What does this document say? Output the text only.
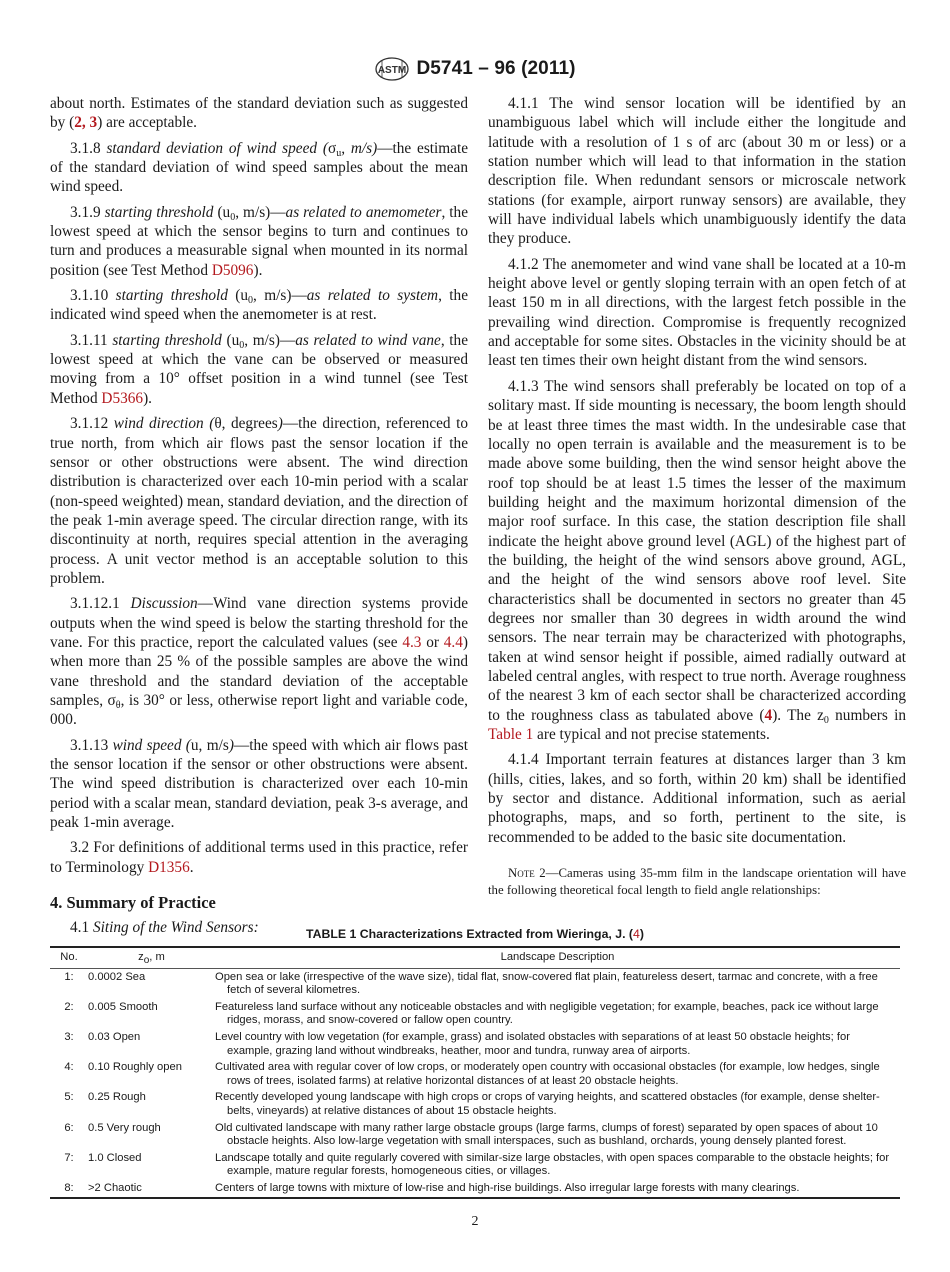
ASTM D5741 – 96 (2011)

about north. Estimates of the standard deviation such as suggested by (2, 3) are acceptable.

3.1.8 standard deviation of wind speed ($\sigma_u$, m/s)—the estimate of the standard deviation of wind speed samples about the mean wind speed.

3.1.9 starting threshold ($u_0$, m/s)—as related to anemometer, the lowest speed at which the sensor begins to turn and continues to turn and produces a measurable signal when mounted in its normal position (see Test Method D5096).

3.1.10 starting threshold ($u_0$, m/s)—as related to system, the indicated wind speed when the anemometer is at rest.

3.1.11 starting threshold ($u_0$, m/s)—as related to wind vane, the lowest speed at which the vane can be observed or measured moving from a 10° offset position in a wind tunnel (see Test Method D5366).

3.1.12 wind direction (θ, degrees)—the direction, referenced to true north, from which air flows past the sensor location if the sensor or other obstructions were absent. The wind direction distribution is characterized over each 10-min period with a scalar (non-speed weighted) mean, standard deviation, and the direction of the peak 1-min average speed. The circular direction range, with its discontinuity at north, requires special attention in the averaging process. A unit vector method is an acceptable solution to this problem.

3.1.12.1 Discussion—Wind vane direction systems provide outputs when the wind speed is below the starting threshold for the vane. For this practice, report the calculated values (see 4.3 or 4.4) when more than 25 % of the possible samples are above the wind vane threshold and the standard deviation of the acceptable samples, $\sigma_\theta$, is 30° or less, otherwise report light and variable code, 000.

3.1.13 wind speed (u, m/s)—the speed with which air flows past the sensor location if the sensor or other obstructions were absent. The wind speed distribution is characterized over each 10-min period with a scalar mean, standard deviation, peak 3-s average, and peak 1-min average.

3.2 For definitions of additional terms used in this practice, refer to Terminology D1356.

4. Summary of Practice

4.1 Siting of the Wind Sensors:

4.1.1 The wind sensor location will be identified by an unambiguous label which will include either the longitude and latitude with a resolution of 1 s of arc (about 30 m or less) or a station number which will lead to that information in the station description file. When redundant sensors or microscale network stations (for example, airport runway sensors) are available, they will have individual labels which unambiguously identify the data they produce.

4.1.2 The anemometer and wind vane shall be located at a 10-m height above level or gently sloping terrain with an open fetch of at least 150 m in all directions, with the largest fetch possible in the prevailing wind direction. Compromise is frequently recognized and acceptable for some sites. Obstacles in the vicinity should be at least ten times their own height distant from the wind sensors.

4.1.3 The wind sensors shall preferably be located on top of a solitary mast. If side mounting is necessary, the boom length should be at least three times the mast width. In the undesirable case that locally no open terrain is available and the measurement is to be made above some building, then the wind sensor height above the roof top should be at least 1.5 times the lesser of the maximum building height and the maximum horizontal dimension of the major roof surface. In this case, the station description file shall indicate the height above ground level (AGL) of the highest part of the building, the height of the wind sensors above ground, AGL, and the height of the wind sensors above roof level. Site characteristics shall be documented in sectors no greater than 45 degrees nor smaller than 30 degrees in width around the wind sensors. The near terrain may be characterized with photographs, taken at wind sensor height if possible, aimed radially outward at labeled central angles, with respect to true north. Average roughness of the nearest 3 km of each sector shall be characterized according to the roughness class as tabulated above (4). The $z_0$ numbers in Table 1 are typical and not precise statements.

4.1.4 Important terrain features at distances larger than 3 km (hills, cities, lakes, and so forth, within 20 km) shall be identified by sector and distance. Additional information, such as aerial photographs, maps, and so forth, pertinent to the site, is recommended to be added to the basic site documentation.

Note 2—Cameras using 35-mm film in the landscape orientation will have the following theoretical focal length to field angle relationships:

TABLE 1 Characterizations Extracted from Wieringa, J. (4)
No.	$z_o$, m	Landscape Description
1:	0.0002 Sea	Open sea or lake (irrespective of the wave size), tidal flat, snow-covered flat plain, featureless desert, tarmac and concrete, with a free fetch of several kilometres.

2:	0.005 Smooth	Featureless land surface without any noticeable obstacles and with negligible vegetation; for example, beaches, pack ice without large ridges, morass, and snow-covered or fallow open country.

3:	0.03 Open	Level country with low vegetation (for example, grass) and isolated obstacles with separations of at least 50 obstacle heights; for example, grazing land without windbreaks, heather, moor and tundra, runway area of airports.

4:	0.10 Roughly open	Cultivated area with regular cover of low crops, or moderately open country with occasional obstacles (for example, low hedges, single rows of trees, isolated farms) at relative horizontal distances of at least 20 obstacle heights.

5:	0.25 Rough	Recently developed young landscape with high crops or crops of varying heights, and scattered obstacles (for example, dense shelter-belts, vineyards) at relative distances of about 15 obstacle heights.

6:	0.5 Very rough	Old cultivated landscape with many rather large obstacle groups (large farms, clumps of forest) separated by open spaces of about 10 obstacle heights. Also low-large vegetation with small interspaces, such as bushland, orchards, young densely planted forest.

7:	1.0 Closed	Landscape totally and quite regularly covered with similar-size large obstacles, with open spaces comparable to the obstacle heights; for example, mature regular forests, homogeneous cities, or villages.

8:	>2 Chaotic	Centers of large towns with mixture of low-rise and high-rise buildings. Also irregular large forests with many clearings.
2
